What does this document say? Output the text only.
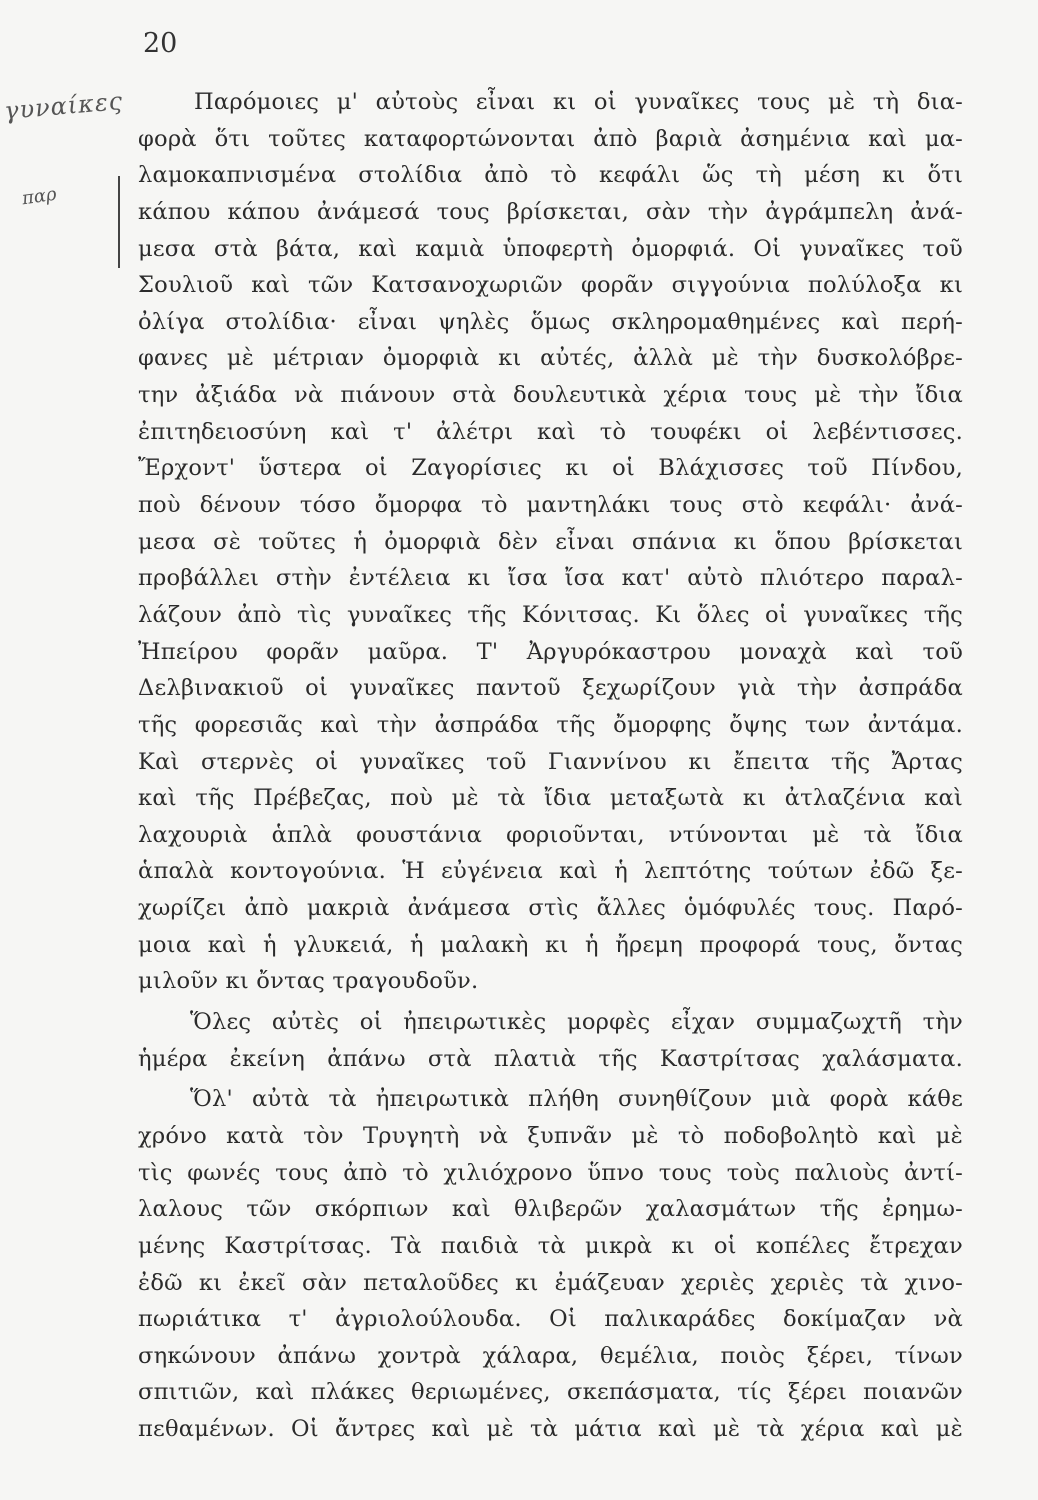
20
γυναίκες
παρ
Παρόμοιες μ' αὐτοὺς εἶναι κι οἱ γυναῖκες τους μὲ τὴ δια-
φορὰ ὅτι τοῦτες καταφορτώνονται ἀπὸ βαριὰ ἀσημένια καὶ μα-
λαμοκαπνισμένα στολίδια ἀπὸ τὸ κεφάλι ὥς τὴ μέση κι ὅτι
κάπου κάπου ἀνάμεσά τους βρίσκεται, σὰν τὴν ἀγράμπελη ἀνά-
μεσα στὰ βάτα, καὶ καμιὰ ὑποφερτὴ ὀμορφιά. Οἱ γυναῖκες τοῦ
Σουλιοῦ καὶ τῶν Κατσανοχωριῶν φορᾶν σιγγούνια πολύλοξα κι
ὀλίγα στολίδια· εἶναι ψηλὲς ὅμως σκληρομαθημένες καὶ περή-
φανες μὲ μέτριαν ὀμορφιὰ κι αὐτές, ἀλλὰ μὲ τὴν δυσκολόβρε-
την ἀξιάδα νὰ πιάνουν στὰ δουλευτικὰ χέρια τους μὲ τὴν ἴδια
ἐπιτηδειοσύνη καὶ τ' ἀλέτρι καὶ τὸ τουφέκι οἱ λεβέντισσες.
Ἔρχοντ' ὕστερα οἱ Ζαγορίσιες κι οἱ Βλάχισσες τοῦ Πίνδου,
ποὺ δένουν τόσο ὄμορφα τὸ μαντηλάκι τους στὸ κεφάλι· ἀνά-
μεσα σὲ τοῦτες ἡ ὀμορφιὰ δὲν εἶναι σπάνια κι ὅπου βρίσκεται
προβάλλει στὴν ἐντέλεια κι ἴσα ἴσα κατ' αὐτὸ πλιότερο παραλ-
λάζουν ἀπὸ τὶς γυναῖκες τῆς Κόνιτσας. Κι ὅλες οἱ γυναῖκες τῆς
Ἠπείρου φορᾶν μαῦρα. Τ' Ἀργυρόκαστρου μοναχὰ καὶ τοῦ
Δελβινακιοῦ οἱ γυναῖκες παντοῦ ξεχωρίζουν γιὰ τὴν ἀσπράδα
τῆς φορεσιᾶς καὶ τὴν ἀσπράδα τῆς ὄμορφης ὄψης των ἀντάμα.
Καὶ στερνὲς οἱ γυναῖκες τοῦ Γιαννίνου κι ἔπειτα τῆς Ἄρτας
καὶ τῆς Πρέβεζας, ποὺ μὲ τὰ ἴδια μεταξωτὰ κι ἀτλαζένια καὶ
λαχουριὰ ἁπλὰ φουστάνια φοριοῦνται, ντύνονται μὲ τὰ ἴδια
ἁπαλὰ κοντογούνια. Ἡ εὐγένεια καὶ ἡ λεπτότης τούτων ἐδῶ ξε-
χωρίζει ἀπὸ μακριὰ ἀνάμεσα στὶς ἄλλες ὁμόφυλές τους. Παρό-
μοια καὶ ἡ γλυκειά, ἡ μαλακὴ κι ἡ ἤρεμη προφορά τους, ὄντας
μιλοῦν κι ὄντας τραγουδοῦν.
Ὅλες αὐτὲς οἱ ἠπειρωτικὲς μορφὲς εἶχαν συμμαζωχτῆ τὴν
ἡμέρα ἐκείνη ἀπάνω στὰ πλατιὰ τῆς Καστρίτσας χαλάσματα.
Ὅλ' αὐτὰ τὰ ἠπειρωτικὰ πλήθη συνηθίζουν μιὰ φορὰ κάθε
χρόνο κατὰ τὸν Τρυγητὴ νὰ ξυπνᾶν μὲ τὸ ποδοβοληtὸ καὶ μὲ
τὶς φωνές τους ἀπὸ τὸ χιλιόχρονο ὕπνο τους τοὺς παλιοὺς ἀντί-
λαλους τῶν σκόρπιων καὶ θλιβερῶν χαλασμάτων τῆς ἐρημω-
μένης Καστρίτσας. Τὰ παιδιὰ τὰ μικρὰ κι οἱ κοπέλες ἔτρεχαν
ἐδῶ κι ἐκεῖ σὰν πεταλοῦδες κι ἐμάζευαν χεριὲς χεριὲς τὰ χινο-
πωριάτικα τ' ἀγριολούλουδα. Οἱ παλικαράδες δοκίμαζαν νὰ
σηκώνουν ἀπάνω χοντρὰ χάλαρα, θεμέλια, ποιὸς ξέρει, τίνων
σπιτιῶν, καὶ πλάκες θεριωμένες, σκεπάσματα, τίς ξέρει ποιανῶν
πεθαμένων. Οἱ ἄντρες καὶ μὲ τὰ μάτια καὶ μὲ τὰ χέρια καὶ μὲ
